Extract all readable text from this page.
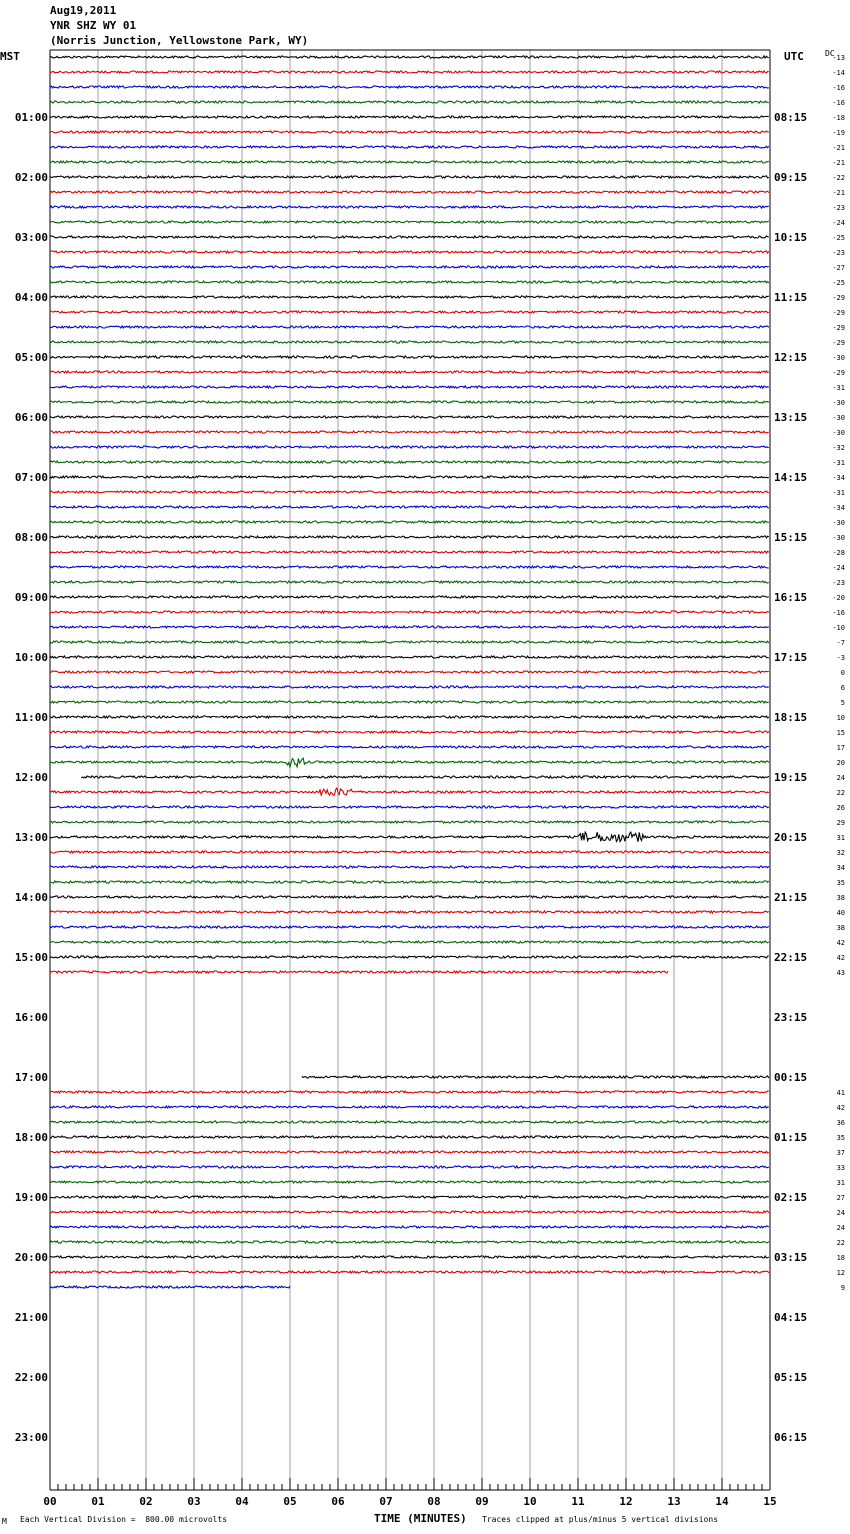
Aug19,2011
YNR SHZ WY 01
(Norris Junction, Yellowstone Park, WY)
MST	UTC	DC
01:00
02:00
03:00
04:00
05:00
06:00
07:00
08:00
09:00
10:00
11:00
12:00
13:00
14:00
15:00
16:00
17:00
18:00
19:00
20:00
21:00
22:00
23:00
08:15
09:15
10:15
11:15
12:15
13:15
14:15
15:15
16:15
17:15
18:15
19:15
20:15
21:15
22:15
23:15
00:15
01:15
02:15
03:15
04:15
05:15
06:15
-13
-14
-16
-16
-18
-19
-21
-21
-22
-21
-23
-24
-25
-23
-27
-25
-29
-29
-29
-29
-30
-29
-31
-30
-30
-30
-32
-31
-34
-31
-34
-30
-30
-28
-24
-23
-20
-16
-10
-7
-3
0
6
5
10
15
17
20
24
22
26
29
31
32
34
35
38
40
38
42
42
43
41
42
36
35
37
33
31
27
24
24
22
18
12
9
00	01	02	03	04	05	06	07	08	09	10	11	12	13	14	15
M Each Vertical Division =  800.00 microvolts	TIME (MINUTES) Traces clipped at plus/minus 5 vertical divisions
